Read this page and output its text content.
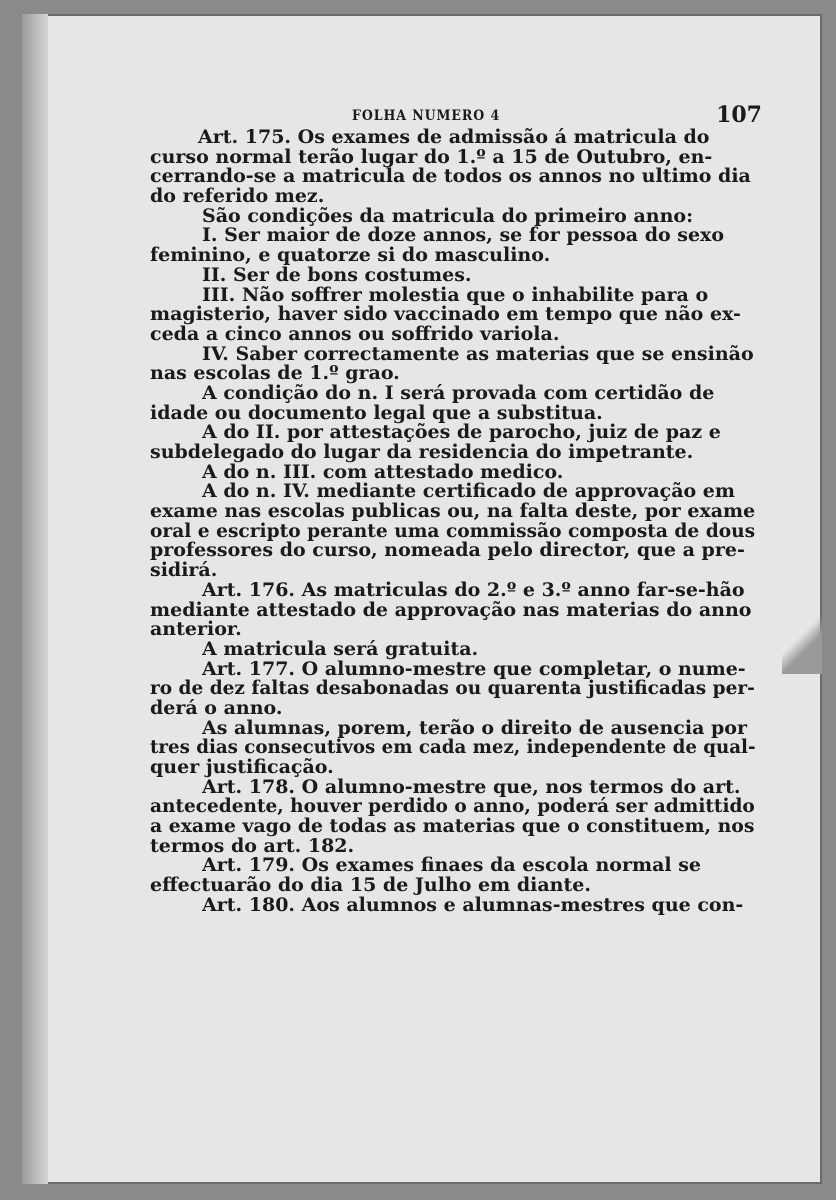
FOLHA NUMERO 4	107
Art. 175. Os exames de admissão á matricula do
curso normal terão lugar do 1.º a 15 de Outubro, en-
cerrando-se a matricula de todos os annos no ultimo dia
do referido mez.
São condições da matricula do primeiro anno:
I. Ser maior de doze annos, se for pessoa do sexo
feminino, e quatorze si do masculino.
II. Ser de bons costumes.
III. Não soffrer molestia que o inhabilite para o
magisterio, haver sido vaccinado em tempo que não ex-
ceda a cinco annos ou soffrido variola.
IV. Saber correctamente as materias que se ensinão
nas escolas de 1.º grao.
A condição do n. I será provada com certidão de
idade ou documento legal que a substitua.
A do II. por attestações de parocho, juiz de paz e
subdelegado do lugar da residencia do impetrante.
A do n. III. com attestado medico.
A do n. IV. mediante certificado de approvação em
exame nas escolas publicas ou, na falta deste, por exame
oral e escripto perante uma commissão composta de dous
professores do curso, nomeada pelo director, que a pre-
sidirá.
Art. 176. As matriculas do 2.º e 3.º anno far-se-hão
mediante attestado de approvação nas materias do anno
anterior.
A matricula será gratuita.
Art. 177. O alumno-mestre que completar, o nume-
ro de dez faltas desabonadas ou quarenta justificadas per-
derá o anno.
As alumnas, porem, terão o direito de ausencia por
tres dias consecutivos em cada mez, independente de qual-
quer justificação.
Art. 178. O alumno-mestre que, nos termos do art.
antecedente, houver perdido o anno, poderá ser admittido
a exame vago de todas as materias que o constituem, nos
termos do art. 182.
Art. 179. Os exames finaes da escola normal se
effectuarão do dia 15 de Julho em diante.
Art. 180. Aos alumnos e alumnas-mestres que con-
